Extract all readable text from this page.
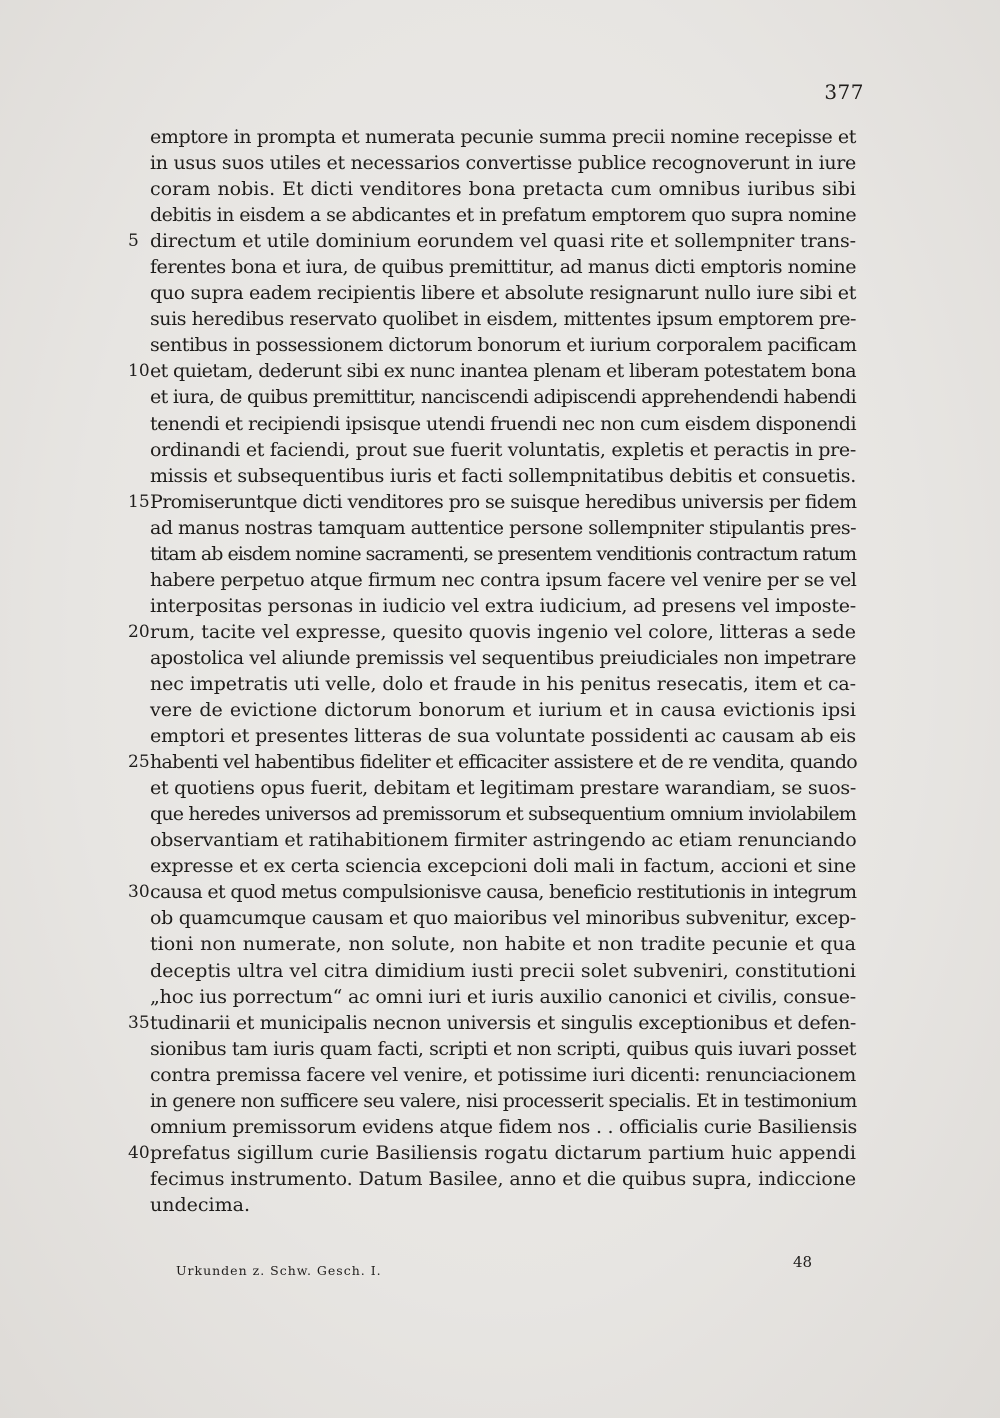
377
emptore in prompta et numerata pecunie summa precii nomine recepisse et
in usus suos utiles et necessarios convertisse publice recognoverunt in iure
coram nobis. Et dicti venditores bona pretacta cum omnibus iuribus sibi
debitis in eisdem a se abdicantes et in prefatum emptorem quo supra nomine
5 directum et utile dominium eorundem vel quasi rite et sollempniter trans-
ferentes bona et iura, de quibus premittitur, ad manus dicti emptoris nomine
quo supra eadem recipientis libere et absolute resignarunt nullo iure sibi et
suis heredibus reservato quolibet in eisdem, mittentes ipsum emptorem pre-
sentibus in possessionem dictorum bonorum et iurium corporalem pacificam
10 et quietam, dederunt sibi ex nunc inantea plenam et liberam potestatem bona
et iura, de quibus premittitur, nanciscendi adipiscendi apprehendendi habendi
tenendi et recipiendi ipsisque utendi fruendi nec non cum eisdem disponendi
ordinandi et faciendi, prout sue fuerit voluntatis, expletis et peractis in pre-
missis et subsequentibus iuris et facti sollempnitatibus debitis et consuetis.
15 Promiseruntque dicti venditores pro se suisque heredibus universis per fidem
ad manus nostras tamquam auttentice persone sollempniter stipulantis pres-
titam ab eisdem nomine sacramenti, se presentem venditionis contractum ratum
habere perpetuo atque firmum nec contra ipsum facere vel venire per se vel
interpositas personas in iudicio vel extra iudicium, ad presens vel imposte-
20 rum, tacite vel expresse, quesito quovis ingenio vel colore, litteras a sede
apostolica vel aliunde premissis vel sequentibus preiudiciales non impetrare
nec impetratis uti velle, dolo et fraude in his penitus resecatis, item et ca-
vere de evictione dictorum bonorum et iurium et in causa evictionis ipsi
emptori et presentes litteras de sua voluntate possidenti ac causam ab eis
25 habenti vel habentibus fideliter et efficaciter assistere et de re vendita, quando
et quotiens opus fuerit, debitam et legitimam prestare warandiam, se suos-
que heredes universos ad premissorum et subsequentium omnium inviolabilem
observantiam et ratihabitionem firmiter astringendo ac etiam renunciando
expresse et ex certa sciencia excepcioni doli mali in factum, accioni et sine
30 causa et quod metus compulsionisve causa, beneficio restitutionis in integrum
ob quamcumque causam et quo maioribus vel minoribus subvenitur, excep-
tioni non numerate, non solute, non habite et non tradite pecunie et qua
deceptis ultra vel citra dimidium iusti precii solet subveniri, constitutioni
„hoc ius porrectum“ ac omni iuri et iuris auxilio canonici et civilis, consue-
35 tudinarii et municipalis necnon universis et singulis exceptionibus et defen-
sionibus tam iuris quam facti, scripti et non scripti, quibus quis iuvari posset
contra premissa facere vel venire, et potissime iuri dicenti: renunciacionem
in genere non sufficere seu valere, nisi processerit specialis. Et in testimonium
omnium premissorum evidens atque fidem nos . . officialis curie Basiliensis
40 prefatus sigillum curie Basiliensis rogatu dictarum partium huic appendi
fecimus instrumento. Datum Basilee, anno et die quibus supra, indiccione
undecima.
Urkunden z. Schw. Gesch. I.	48
